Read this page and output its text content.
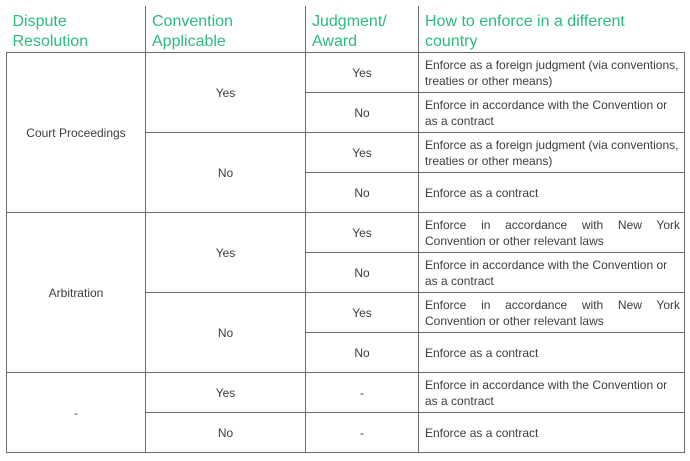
Dispute Resolution	Convention Applicable	Judgment/ Award	How to enforce in a different country
Court Proceedings	Yes	Yes	Enforce as a foreign judgment (via conventions, treaties or other means)
		No	Enforce in accordance with the Convention or as a contract
	No	Yes	Enforce as a foreign judgment (via conventions, treaties or other means)
		No	Enforce as a contract
Arbitration	Yes	Yes	Enforce in accordance with New York Convention or other relevant laws
		No	Enforce in accordance with the Convention or as a contract
	No	Yes	Enforce in accordance with New York Convention or other relevant laws
		No	Enforce as a contract
-	Yes	-	Enforce in accordance with the Convention or as a contract
	No	-	Enforce as a contract
